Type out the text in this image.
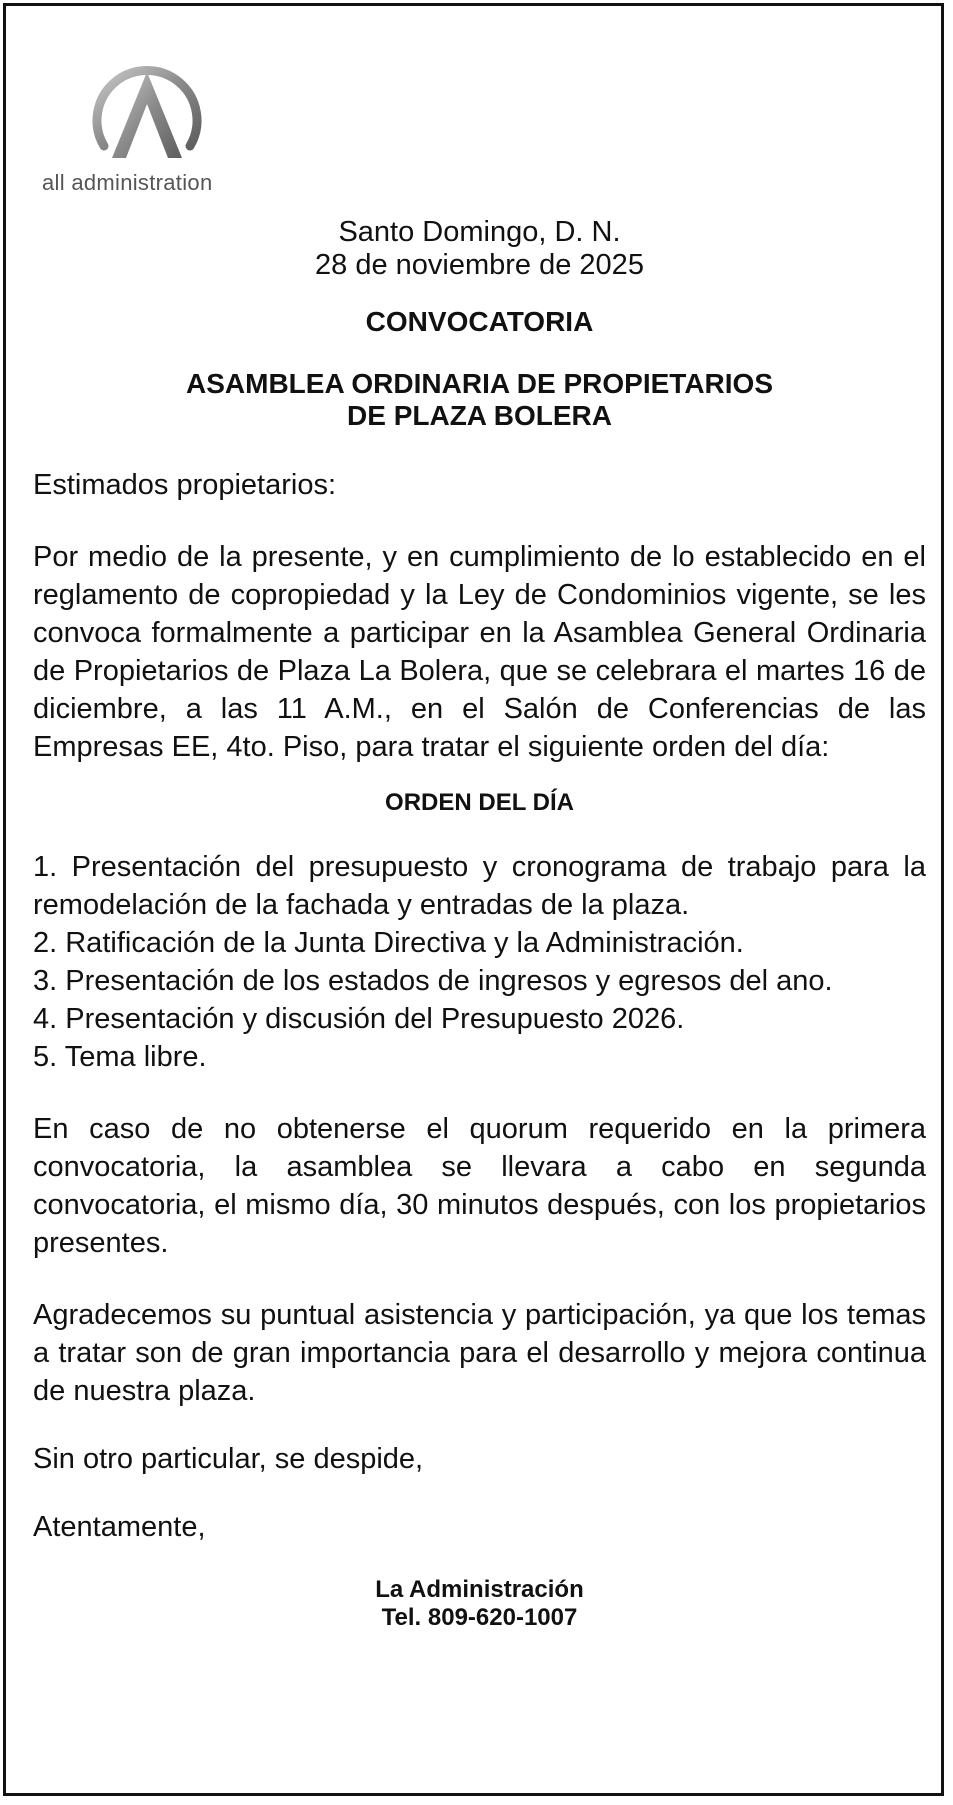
all administration

Santo Domingo, D. N.

28 de noviembre de 2025

CONVOCATORIA

ASAMBLEA ORDINARIA DE PROPIETARIOS
DE PLAZA BOLERA

Estimados propietarios:

Por medio de la presente, y en cumplimiento de lo establecido en el reglamento de copropiedad y la Ley de Condominios vigente, se les convoca formalmente a participar en la Asamblea General Ordinaria de Propietarios de Plaza La Bolera, que se celebrara el martes 16 de diciembre, a las 11 A.M., en el Salón de Conferencias de las Empresas EE, 4to. Piso, para tratar el siguiente orden del día:

ORDEN DEL DÍA

1. Presentación del presupuesto y cronograma de trabajo para la remodelación de la fachada y entradas de la plaza.
2. Ratificación de la Junta Directiva y la Administración.
3. Presentación de los estados de ingresos y egresos del ano.
4. Presentación y discusión del Presupuesto 2026.
5. Tema libre.

En caso de no obtenerse el quorum requerido en la primera convocatoria, la asamblea se llevara a cabo en segunda convocatoria, el mismo día, 30 minutos después, con los propietarios presentes.

Agradecemos su puntual asistencia y participación, ya que los temas a tratar son de gran importancia para el desarrollo y mejora continua de nuestra plaza.

Sin otro particular, se despide,

Atentamente,

La Administración
Tel. 809-620-1007
